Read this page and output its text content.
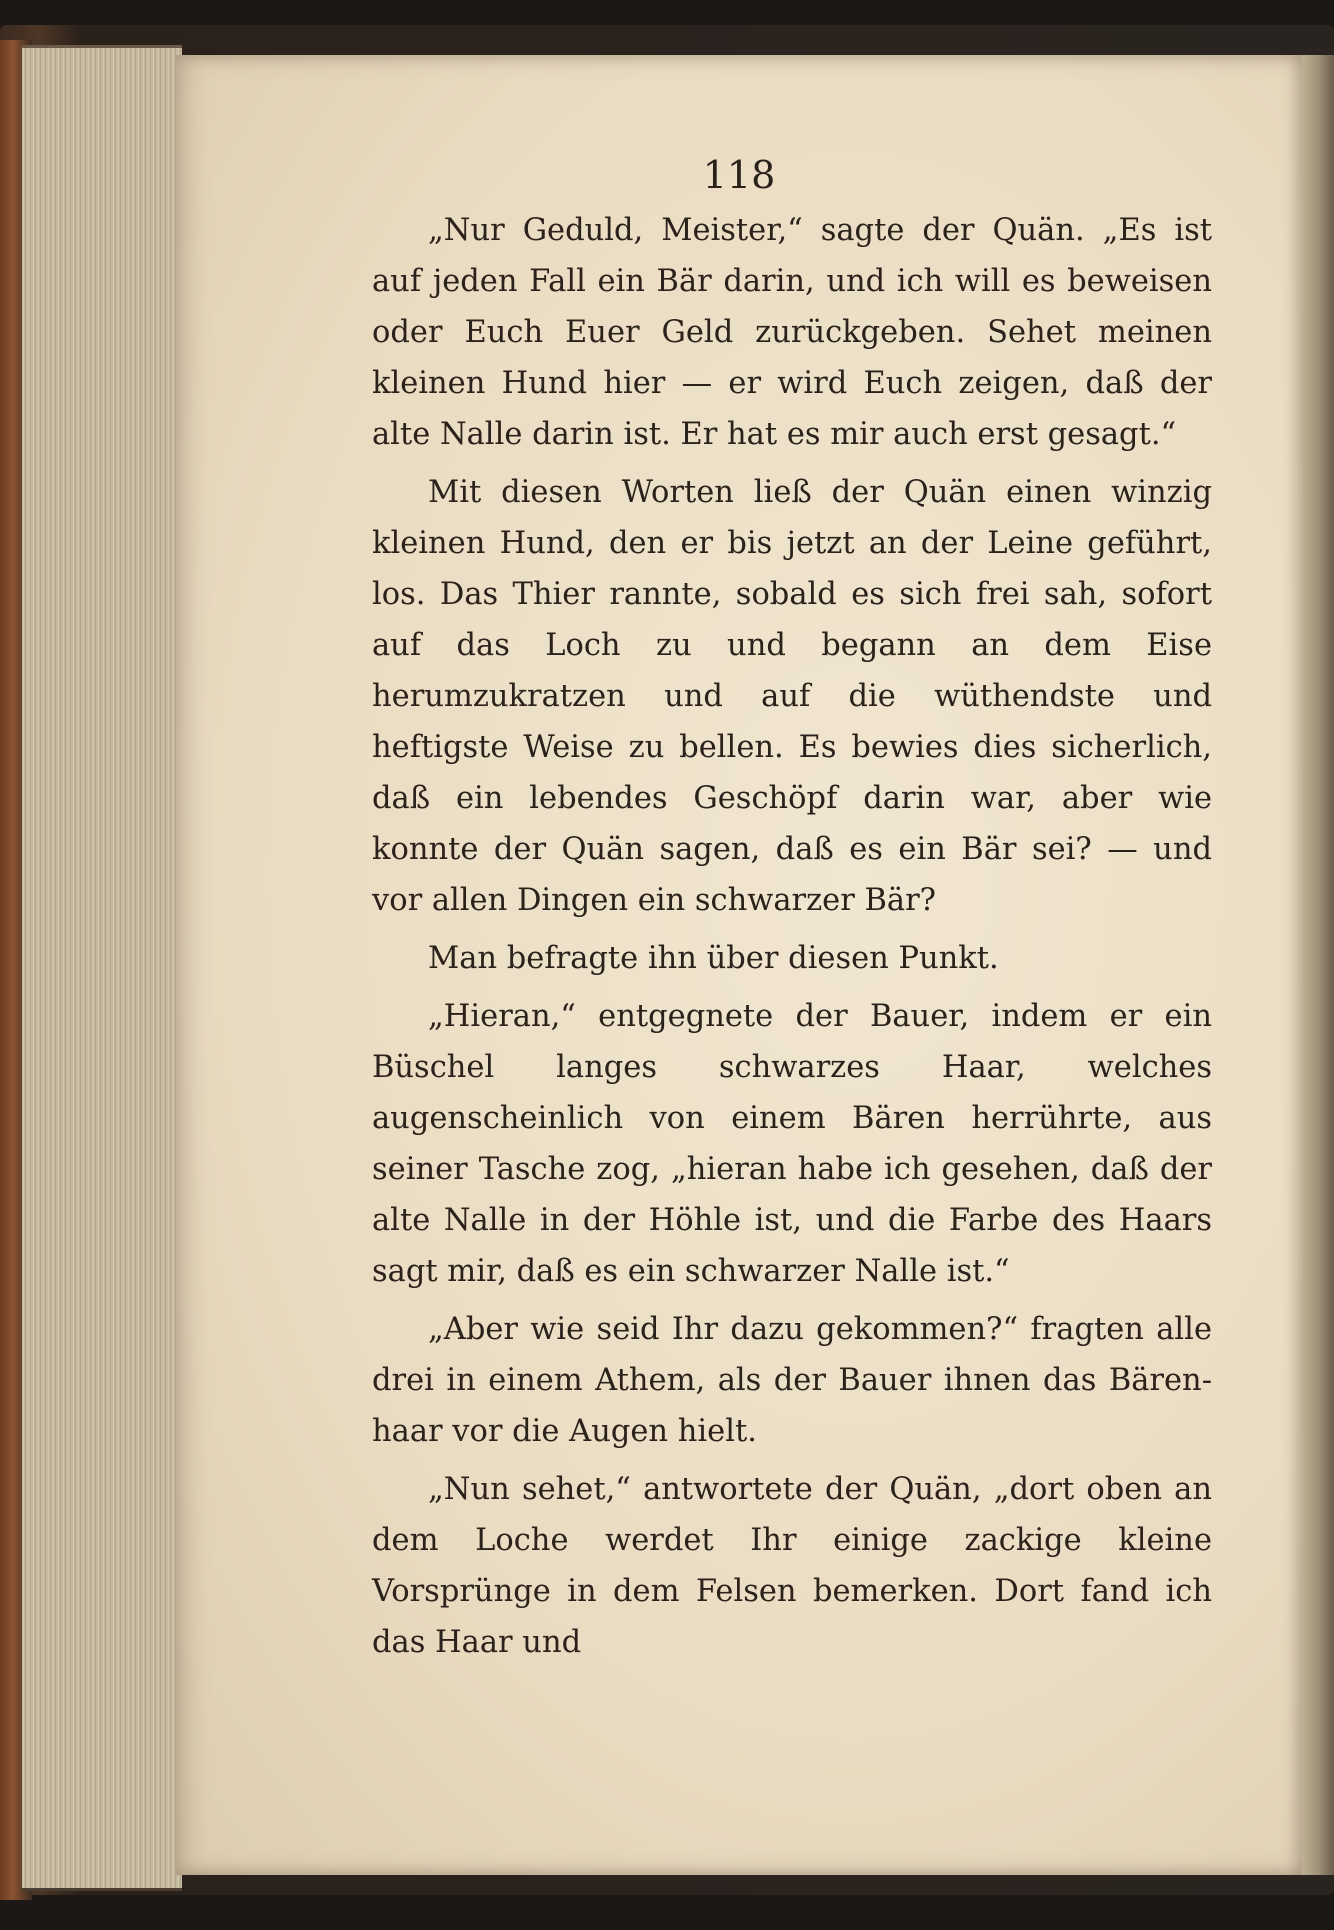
118

„Nur Geduld, Meister,“ sagte der Quän. „Es ist auf jeden Fall ein Bär darin, und ich will es beweisen oder Euch Euer Geld zurückgeben. Sehet meinen kleinen Hund hier — er wird Euch zeigen, daß der alte Nalle darin ist. Er hat es mir auch erst gesagt.“

Mit diesen Worten ließ der Quän einen winzig kleinen Hund, den er bis jetzt an der Leine geführt, los. Das Thier rannte, sobald es sich frei sah, sofort auf das Loch zu und begann an dem Eise herumzukratzen und auf die wüthendste und heftigste Weise zu bellen. Es bewies dies sicherlich, daß ein lebendes Geschöpf darin war, aber wie konnte der Quän sagen, daß es ein Bär sei? — und vor allen Dingen ein schwarzer Bär?

Man befragte ihn über diesen Punkt.

„Hieran,“ entgegnete der Bauer, indem er ein Büschel langes schwarzes Haar, welches augenscheinlich von einem Bären herrührte, aus seiner Tasche zog, „hieran habe ich gesehen, daß der alte Nalle in der Höhle ist, und die Farbe des Haars sagt mir, daß es ein schwarzer Nalle ist.“

„Aber wie seid Ihr dazu gekommen?“ fragten alle drei in einem Athem, als der Bauer ihnen das Bären-haar vor die Augen hielt.

„Nun sehet,“ antwortete der Quän, „dort oben an dem Loche werdet Ihr einige zackige kleine Vorsprünge in dem Felsen bemerken. Dort fand ich das Haar und
